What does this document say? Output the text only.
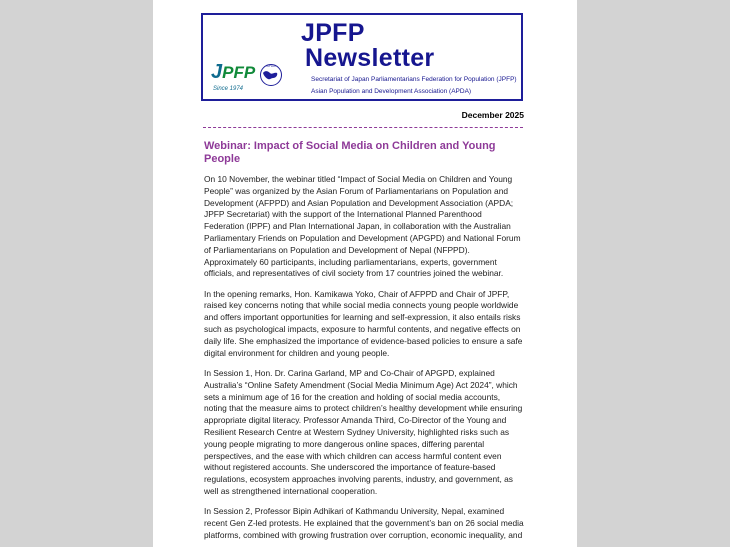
JPFP
Newsletter
JPFP
Since 1974
APDA
Secretariat of Japan Parliamentarians Federation for Population (JPFP)
Asian Population and Development Association (APDA)
December 2025
Webinar: Impact of Social Media on Children and Young People

On 10 November, the webinar titled “Impact of Social Media on Children and Young People” was organized by the Asian Forum of Parliamentarians on Population and Development (AFPPD) and Asian Population and Development Association (APDA; JPFP Secretariat) with the support of the International Planned Parenthood Federation (IPPF) and Plan International Japan, in collaboration with the Australian Parliamentary Friends on Population and Development (APGPD) and National Forum of Parliamentarians on Population and Development of Nepal (NFPPD). Approximately 60 participants, including parliamentarians, experts, government officials, and representatives of civil society from 17 countries joined the webinar.

In the opening remarks, Hon. Kamikawa Yoko, Chair of AFPPD and Chair of JPFP, raised key concerns noting that while social media connects young people worldwide and offers important opportunities for learning and self-expression, it also entails risks such as psychological impacts, exposure to harmful contents, and negative effects on daily life. She emphasized the importance of evidence-based policies to ensure a safe digital environment for children and young people.

In Session 1, Hon. Dr. Carina Garland, MP and Co-Chair of APGPD, explained Australia’s “Online Safety Amendment (Social Media Minimum Age) Act 2024”, which sets a minimum age of 16 for the creation and holding of social media accounts, noting that the measure aims to protect children’s healthy development while ensuring appropriate digital literacy. Professor Amanda Third, Co-Director of the Young and Resilient Research Centre at Western Sydney University, highlighted risks such as young people migrating to more dangerous online spaces, differing parental perspectives, and the ease with which children can access harmful content even without registered accounts. She underscored the importance of feature-based regulations, ecosystem approaches involving parents, industry, and government, as well as strengthened international cooperation.

In Session 2, Professor Bipin Adhikari of Kathmandu University, Nepal, examined recent Gen Z-led protests. He explained that the government’s ban on 26 social media platforms, combined with growing frustration over corruption, economic inequality, and
